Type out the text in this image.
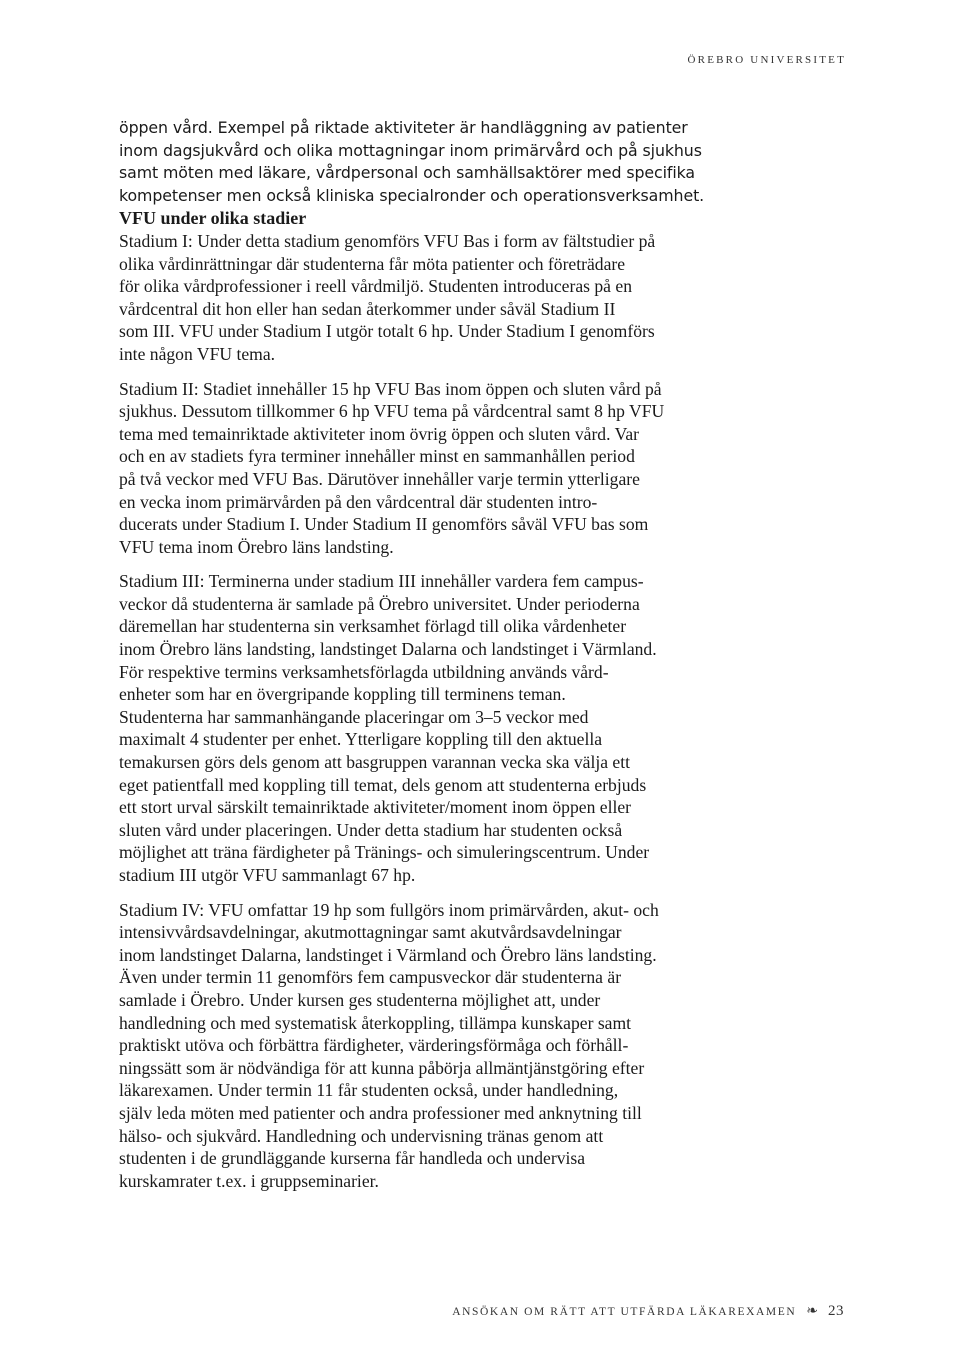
ÖREBRO UNIVERSITET

öppen vård. Exempel på riktade aktiviteter är handläggning av patienter
inom dagsjukvård och olika mottagningar inom primärvård och på sjukhus
samt möten med läkare, vårdpersonal och samhällsaktörer med specifika
kompetenser men också kliniska specialronder och operationsverksamhet.

VFU under olika stadier

Stadium I: Under detta stadium genomförs VFU Bas i form av fältstudier på
olika vårdinrättningar där studenterna får möta patienter och företrädare
för olika vårdprofessioner i reell vårdmiljö. Studenten introduceras på en
vårdcentral dit hon eller han sedan återkommer under såväl Stadium II
som III. VFU under Stadium I utgör totalt 6 hp. Under Stadium I genomförs
inte någon VFU tema.

Stadium II: Stadiet innehåller 15 hp VFU Bas inom öppen och sluten vård på
sjukhus. Dessutom tillkommer 6 hp VFU tema på vårdcentral samt 8 hp VFU
tema med temainriktade aktiviteter inom övrig öppen och sluten vård. Var
och en av stadiets fyra terminer innehåller minst en sammanhållen period
på två veckor med VFU Bas. Därutöver innehåller varje termin ytterligare
en vecka inom primärvården på den vårdcentral där studenten intro-
ducerats under Stadium I. Under Stadium II genomförs såväl VFU bas som
VFU tema inom Örebro läns landsting.

Stadium III: Terminerna under stadium III innehåller vardera fem campus-
veckor då studenterna är samlade på Örebro universitet. Under perioderna
däremellan har studenterna sin verksamhet förlagd till olika vårdenheter
inom Örebro läns landsting, landstinget Dalarna och landstinget i Värmland.
För respektive termins verksamhetsförlagda utbildning används vård-
enheter som har en övergripande koppling till terminens teman.
Studenterna har sammanhängande placeringar om 3–5 veckor med
maximalt 4 studenter per enhet. Ytterligare koppling till den aktuella
temakursen görs dels genom att basgruppen varannan vecka ska välja ett
eget patientfall med koppling till temat, dels genom att studenterna erbjuds
ett stort urval särskilt temainriktade aktiviteter/moment inom öppen eller
sluten vård under placeringen. Under detta stadium har studenten också
möjlighet att träna färdigheter på Tränings- och simuleringscentrum. Under
stadium III utgör VFU sammanlagt 67 hp.

Stadium IV: VFU omfattar 19 hp som fullgörs inom primärvården, akut- och
intensivvårdsavdelningar, akutmottagningar samt akutvårdsavdelningar
inom landstinget Dalarna, landstinget i Värmland och Örebro läns landsting.
Även under termin 11 genomförs fem campusveckor där studenterna är
samlade i Örebro. Under kursen ges studenterna möjlighet att, under
handledning och med systematisk återkoppling, tillämpa kunskaper samt
praktiskt utöva och förbättra färdigheter, värderingsförmåga och förhåll-
ningssätt som är nödvändiga för att kunna påbörja allmäntjänstgöring efter
läkarexamen. Under termin 11 får studenten också, under handledning,
själv leda möten med patienter och andra professioner med anknytning till
hälso- och sjukvård. Handledning och undervisning tränas genom att
studenten i de grundläggande kurserna får handleda och undervisa
kurskamrater t.ex. i gruppseminarier.

ANSÖKAN OM RÄTT ATT UTFÄRDA LÄKAREXAMEN ❧ 23
